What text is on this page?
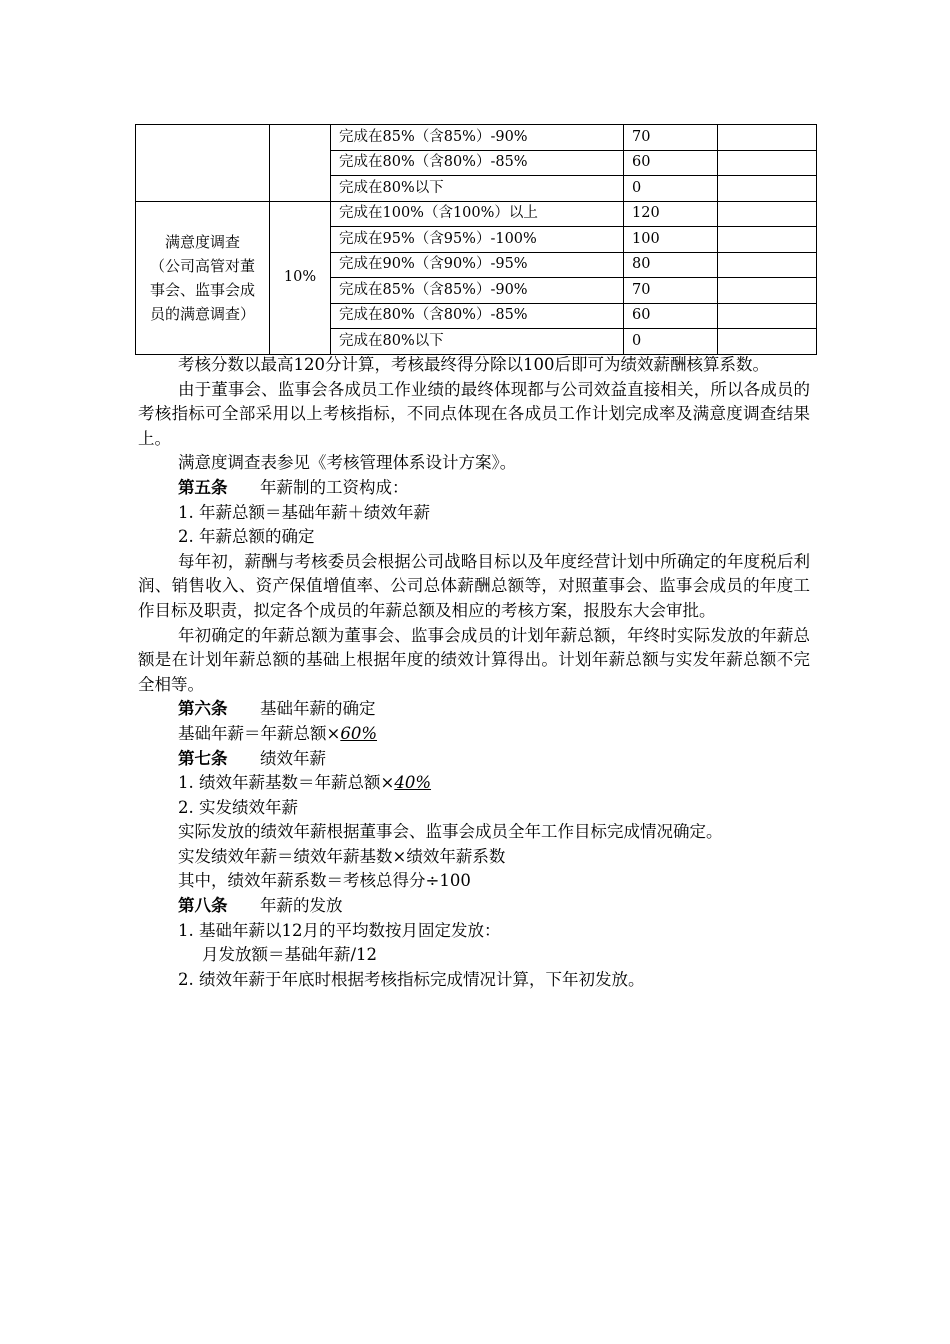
		完成在85%（含85%）-90%	70	
		完成在80%（含80%）-85%	60	
		完成在80%以下	0	

满意度调查
（公司高管对董
事会、监事会成
员的满意调查）	10%	完成在100%（含100%）以上	120	
		完成在95%（含95%）-100%	100	
		完成在90%（含90%）-95%	80	
		完成在85%（含85%）-90%	70	
		完成在80%（含80%）-85%	60	
		完成在80%以下	0	

考核分数以最高120分计算，考核最终得分除以100后即可为绩效薪酬核算系数。

由于董事会、监事会各成员工作业绩的最终体现都与公司效益直接相关，所以各成员的考核指标可全部采用以上考核指标，不同点体现在各成员工作计划完成率及满意度调查结果上。

满意度调查表参见《考核管理体系设计方案》。

第五条 年薪制的工资构成：

1. 年薪总额＝基础年薪＋绩效年薪

2. 年薪总额的确定

每年初，薪酬与考核委员会根据公司战略目标以及年度经营计划中所确定的年度税后利润、销售收入、资产保值增值率、公司总体薪酬总额等，对照董事会、监事会成员的年度工作目标及职责，拟定各个成员的年薪总额及相应的考核方案，报股东大会审批。

年初确定的年薪总额为董事会、监事会成员的计划年薪总额，年终时实际发放的年薪总额是在计划年薪总额的基础上根据年度的绩效计算得出。计划年薪总额与实发年薪总额不完全相等。

第六条 基础年薪的确定

基础年薪＝年薪总额×60%

第七条 绩效年薪

1. 绩效年薪基数＝年薪总额×40%

2. 实发绩效年薪

实际发放的绩效年薪根据董事会、监事会成员全年工作目标完成情况确定。

实发绩效年薪＝绩效年薪基数×绩效年薪系数

其中，绩效年薪系数＝考核总得分÷100

第八条 年薪的发放

1. 基础年薪以12月的平均数按月固定发放：

月发放额＝基础年薪/12

2. 绩效年薪于年底时根据考核指标完成情况计算，下年初发放。
